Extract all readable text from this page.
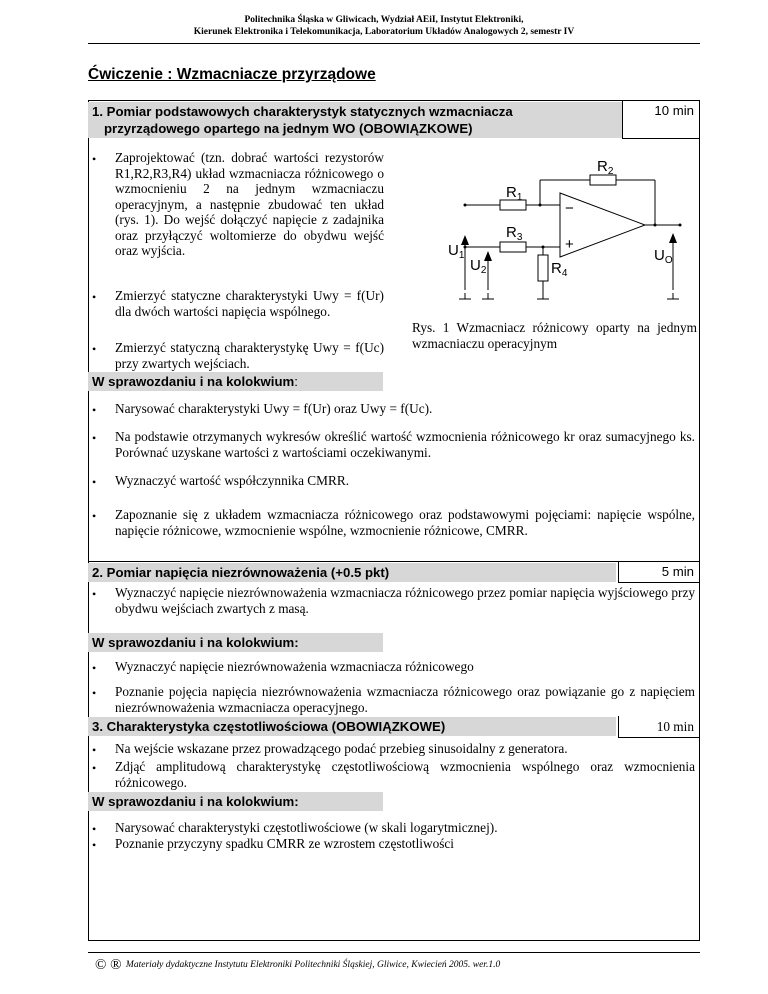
Politechnika Śląska w Gliwicach, Wydział AEiI, Instytut Elektroniki,
Kierunek Elektronika i Telekomunikacja, Laboratorium Układów Analogowych 2, semestr IV
Ćwiczenie : Wzmacniacze przyrządowe
1. Pomiar podstawowych charakterystyk statycznych wzmacniacza
przyrządowego opartego na jednym WO (OBOWIĄZKOWE)
10 min
• Zaprojektować (tzn. dobrać wartości rezystorów R1,R2,R3,R4) układ wzmacniacza różnicowego o wzmocnieniu 2 na jednym wzmacniaczu operacyjnym, a następnie zbudować ten układ (rys. 1). Do wejść dołączyć napięcie z zadajnika oraz przyłączyć woltomierze do obydwu wejść oraz wyjścia.
• Zmierzyć statyczne charakterystyki Uwy = f(Ur) dla dwóch wartości napięcia wspólnego.
• Zmierzyć statyczną charakterystykę Uwy = f(Uc) przy zwartych wejściach.
W sprawozdaniu i na kolokwium:
$R_1$
$R_2$
$R_3$
$R_4$
$U_1$
$U_2$
$U_O$
−
+
Rys. 1 Wzmacniacz różnicowy oparty na jednym wzmacniaczu operacyjnym
• Narysować charakterystyki Uwy = f(Ur) oraz Uwy = f(Uc).
• Na podstawie otrzymanych wykresów określić wartość wzmocnienia różnicowego kr oraz sumacyjnego ks. Porównać uzyskane wartości z wartościami oczekiwanymi.
• Wyznaczyć wartość współczynnika CMRR.
• Zapoznanie się z układem wzmacniacza różnicowego oraz podstawowymi pojęciami: napięcie wspólne, napięcie różnicowe, wzmocnienie wspólne, wzmocnienie różnicowe, CMRR.
2. Pomiar napięcia niezrównoważenia (+0.5 pkt)	5 min
• Wyznaczyć napięcie niezrównoważenia wzmacniacza różnicowego przez pomiar napięcia wyjściowego przy obydwu wejściach zwartych z masą.
W sprawozdaniu i na kolokwium:
• Wyznaczyć napięcie niezrównoważenia wzmacniacza różnicowego
• Poznanie pojęcia napięcia niezrównoważenia wzmacniacza różnicowego oraz powiązanie go z napięciem niezrównoważenia wzmacniacza operacyjnego.
3. Charakterystyka częstotliwościowa (OBOWIĄZKOWE)	10 min
• Na wejście wskazane przez prowadzącego podać przebieg sinusoidalny z generatora.
• Zdjąć amplitudową charakterystykę częstotliwościową wzmocnienia wspólnego oraz wzmocnienia różnicowego.
W sprawozdaniu i na kolokwium:
• Narysować charakterystyki częstotliwościowe (w skali logarytmicznej).
• Poznanie przyczyny spadku CMRR ze wzrostem częstotliwości
© ® Materiały dydaktyczne Instytutu Elektroniki Politechniki Śląskiej, Gliwice, Kwiecień 2005. wer.1.0
